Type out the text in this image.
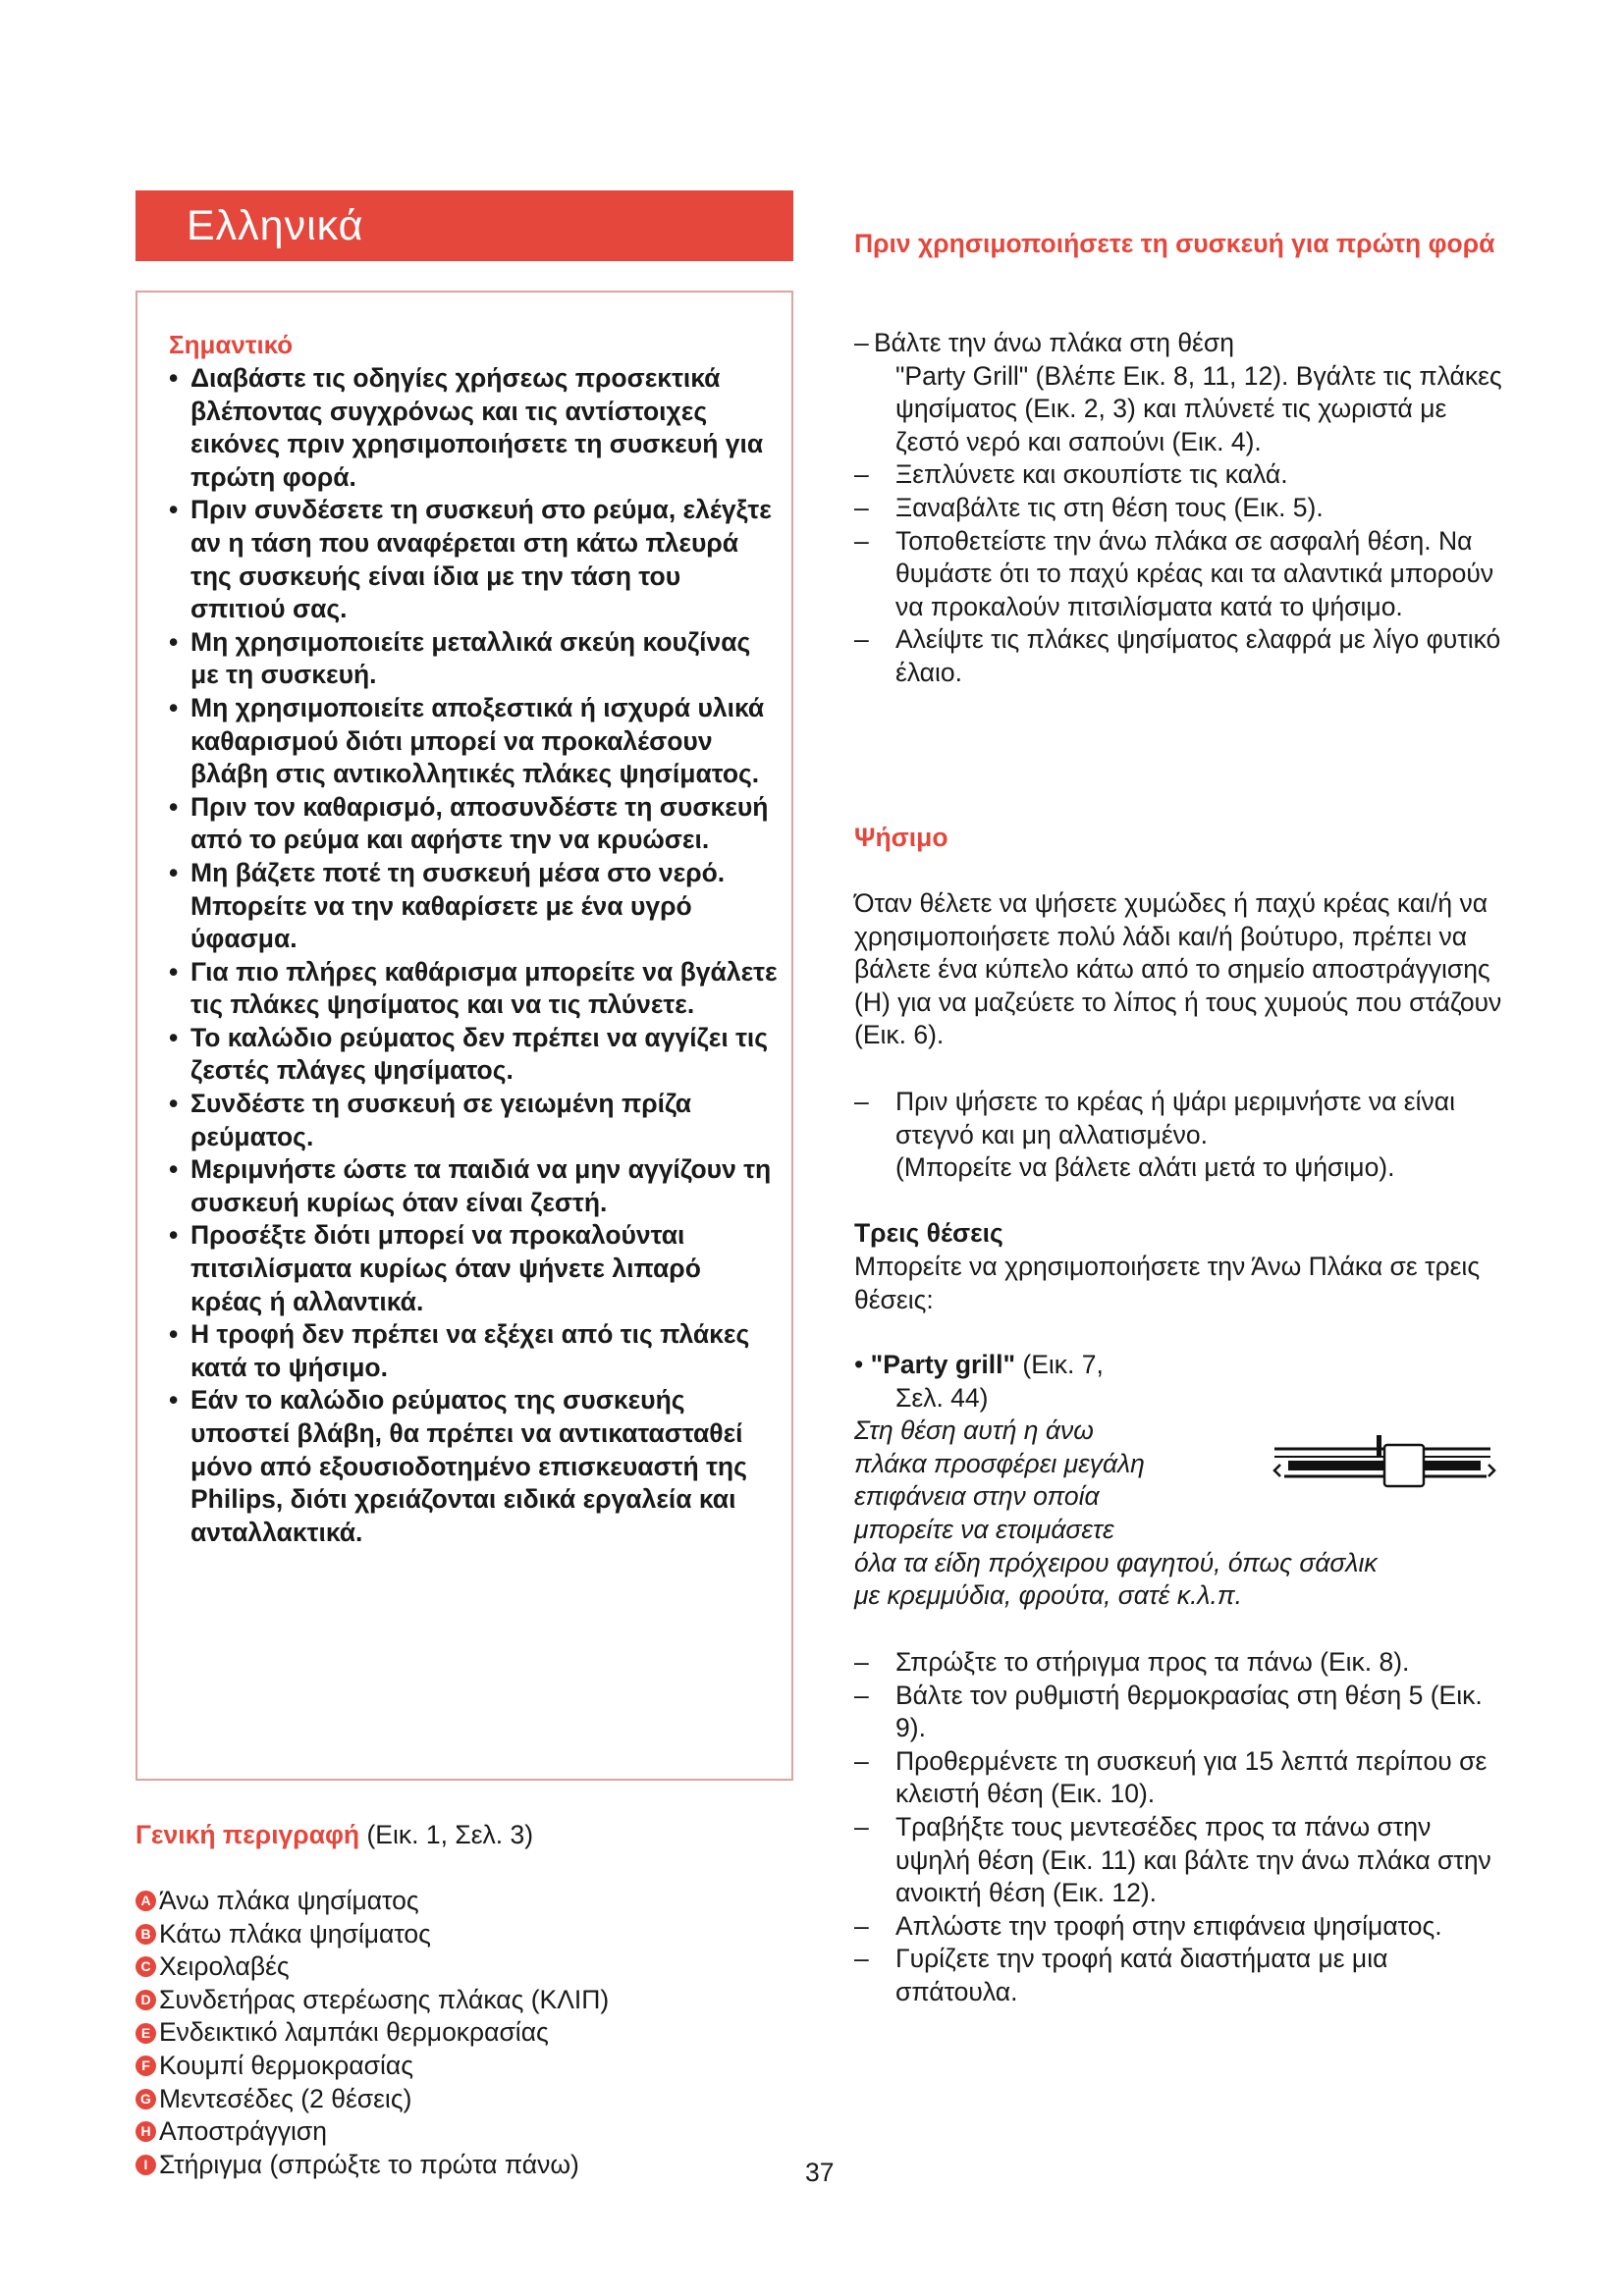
Ελληνικά
Σημαντικό
• Διαβάστε τις οδηγίες χρήσεως προσεκτικά βλέποντας συγχρόνως και τις αντίστοιχες εικόνες πριν χρησιμοποιήσετε τη συσκευή για πρώτη φορά.
• Πριν συνδέσετε τη συσκευή στο ρεύμα, ελέγξτε αν η τάση που αναφέρεται στη κάτω πλευρά της συσκευής είναι ίδια με την τάση του σπιτιού σας.
• Μη χρησιμοποιείτε μεταλλικά σκεύη κουζίνας με τη συσκευή.
• Μη χρησιμοποιείτε αποξεστικά ή ισχυρά υλικά καθαρισμού διότι μπορεί να προκαλέσουν βλάβη στις αντικολλητικές πλάκες ψησίματος.
• Πριν τον καθαρισμό, αποσυνδέστε τη συσκευή από το ρεύμα και αφήστε την να κρυώσει.
• Μη βάζετε ποτέ τη συσκευή μέσα στο νερό. Μπορείτε να την καθαρίσετε με ένα υγρό ύφασμα.
• Για πιο πλήρες καθάρισμα μπορείτε να βγάλετε τις πλάκες ψησίματος και να τις πλύνετε.
• Το καλώδιο ρεύματος δεν πρέπει να αγγίζει τις ζεστές πλάγες ψησίματος.
• Συνδέστε τη συσκευή σε γειωμένη πρίζα ρεύματος.
• Μεριμνήστε ώστε τα παιδιά να μην αγγίζουν τη συσκευή κυρίως όταν είναι ζεστή.
• Προσέξτε διότι μπορεί να προκαλούνται πιτσιλίσματα κυρίως όταν ψήνετε λιπαρό κρέας ή αλλαντικά.
• Η τροφή δεν πρέπει να εξέχει από τις πλάκες κατά το ψήσιμο.
• Εάν το καλώδιο ρεύματος της συσκευής υποστεί βλάβη, θα πρέπει να αντικατασταθεί μόνο από εξουσιοδοτημένο επισκευαστή της Philips, διότι χρειάζονται ειδικά εργαλεία και ανταλλακτικά.
Γενική περιγραφή (Εικ. 1, Σελ. 3)
A Άνω πλάκα ψησίματος
B Κάτω πλάκα ψησίματος
C Χειρολαβές
D Συνδετήρας στερέωσης πλάκας (ΚΛΙΠ)
E Ενδεικτικό λαμπάκι θερμοκρασίας
F Κουμπί θερμοκρασίας
G Μεντεσέδες (2 θέσεις)
H Αποστράγγιση
I Στήριγμα (σπρώξτε το πρώτα πάνω)	37
Πριν χρησιμοποιήσετε τη συσκευή για πρώτη φορά
– Βάλτε την άνω πλάκα στη θέση
"Party Grill" (Βλέπε Εικ. 8, 11, 12). Βγάλτε τις πλάκες ψησίματος (Εικ. 2, 3) και πλύνετέ τις χωριστά με ζεστό νερό και σαπούνι (Εικ. 4).
– Ξεπλύνετε και σκουπίστε τις καλά.
– Ξαναβάλτε τις στη θέση τους (Εικ. 5).
– Τοποθετείστε την άνω πλάκα σε ασφαλή θέση. Να θυμάστε ότι το παχύ κρέας και τα αλαντικά μπορούν να προκαλούν πιτσιλίσματα κατά το ψήσιμο.
– Αλείψτε τις πλάκες ψησίματος ελαφρά με λίγο φυτικό έλαιο.
Ψήσιμο

Όταν θέλετε να ψήσετε χυμώδες ή παχύ κρέας και/ή να χρησιμοποιήσετε πολύ λάδι και/ή βούτυρο, πρέπει να βάλετε ένα κύπελο κάτω από το σημείο αποστράγγισης (H) για να μαζεύετε το λίπος ή τους χυμούς που στάζουν (Εικ. 6).

– Πριν ψήσετε το κρέας ή ψάρι μεριμνήστε να είναι στεγνό και μη αλλατισμένο.
(Μπορείτε να βάλετε αλάτι μετά το ψήσιμο).
Τρεις θέσεις

Μπορείτε να χρησιμοποιήσετε την Άνω Πλάκα σε τρεις θέσεις:

• "Party grill" (Εικ. 7,
Σελ. 44)
Στη θέση αυτή η άνω
πλάκα προσφέρει μεγάλη
επιφάνεια στην οποία
μπορείτε να ετοιμάσετε
όλα τα είδη πρόχειρου φαγητού, όπως σάσλικ
με κρεμμύδια, φρούτα, σατέ κ.λ.π.
– Σπρώξτε το στήριγμα προς τα πάνω (Εικ. 8).
– Βάλτε τον ρυθμιστή θερμοκρασίας στη θέση 5 (Εικ. 9).
– Προθερμένετε τη συσκευή για 15 λεπτά περίπου σε κλειστή θέση (Εικ. 10).
– Τραβήξτε τους μεντεσέδες προς τα πάνω στην υψηλή θέση (Εικ. 11) και βάλτε την άνω πλάκα στην ανοικτή θέση (Εικ. 12).
– Απλώστε την τροφή στην επιφάνεια ψησίματος.
– Γυρίζετε την τροφή κατά διαστήματα με μια σπάτουλα.
